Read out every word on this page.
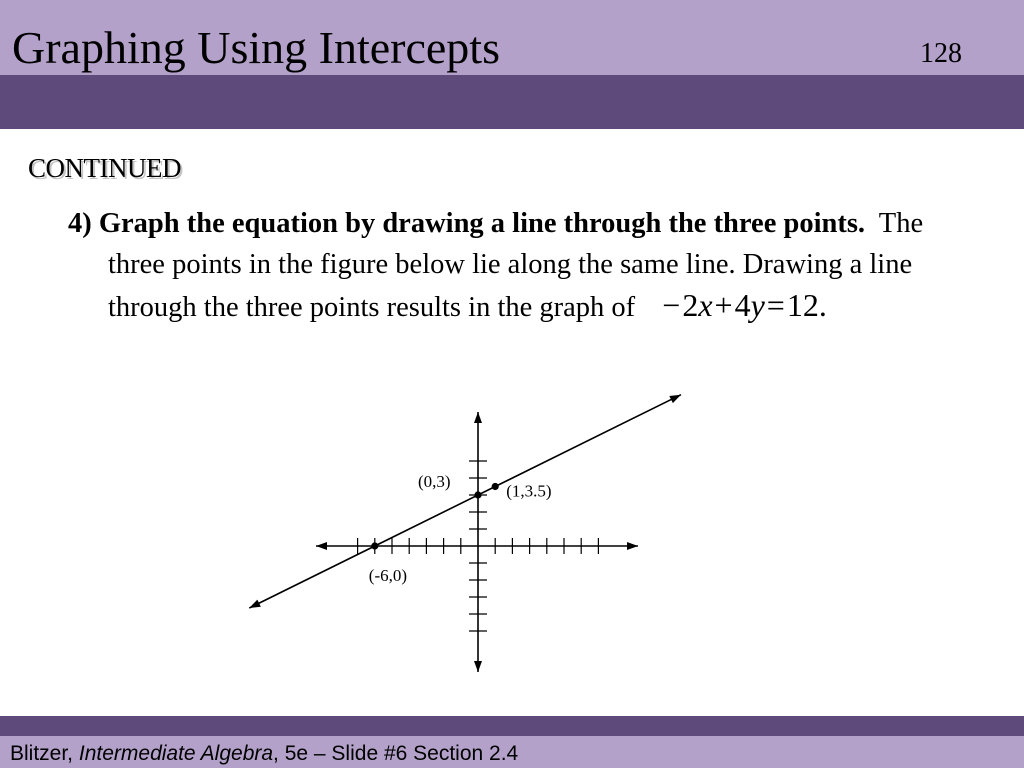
Graphing Using Intercepts	128
CONTINUED

4) Graph the equation by drawing a line through the three points. The three points in the figure below lie along the same line. Drawing a line through the three points results in the graph of −2x+4y=12.

(-6,0)
(0,3)	(1,3.5)
Blitzer, Intermediate Algebra, 5e – Slide #6 Section 2.4
